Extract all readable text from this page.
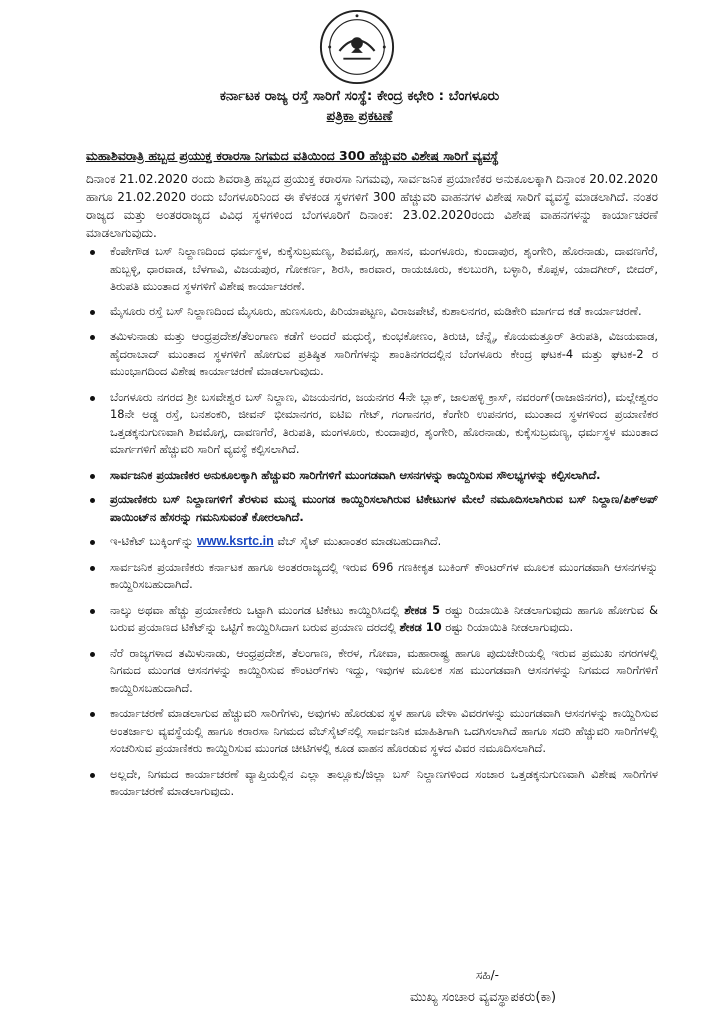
ಕರ್ನಾಟಕ ರಾಜ್ಯ ರಸ್ತೆ ಸಾರಿಗೆ ಸಂಸ್ಥೆ: ಕೇಂದ್ರ ಕಛೇರಿ : ಬೆಂಗಳೂರು
ಪತ್ರಿಕಾ ಪ್ರಕಟಣೆ
ಮಹಾಶಿವರಾತ್ರಿ ಹಬ್ಬದ ಪ್ರಯುಕ್ತ ಕರಾರಸಾ ನಿಗಮದ ವತಿಯಿಂದ 300 ಹೆಚ್ಚುವರಿ ವಿಶೇಷ ಸಾರಿಗೆ ವ್ಯವಸ್ಥೆ
ದಿನಾಂಕ 21.02.2020 ರಂದು ಶಿವರಾತ್ರಿ ಹಬ್ಬದ ಪ್ರಯುಕ್ತ ಕರಾರಸಾ ನಿಗಮವು, ಸಾರ್ವಜನಿಕ ಪ್ರಯಾಣಿಕರ ಅನುಕೂಲಕ್ಕಾಗಿ ದಿನಾಂಕ 20.02.2020 ಹಾಗೂ 21.02.2020 ರಂದು ಬೆಂಗಳೂರಿನಿಂದ ಈ ಕೆಳಕಂಡ ಸ್ಥಳಗಳಿಗೆ 300 ಹೆಚ್ಚುವರಿ ವಾಹನಗಳ ವಿಶೇಷ ಸಾರಿಗೆ ವ್ಯವಸ್ಥೆ ಮಾಡಲಾಗಿದೆ. ನಂತರ ರಾಜ್ಯದ ಮತ್ತು ಅಂತರರಾಜ್ಯದ ವಿವಿಧ ಸ್ಥಳಗಳಿಂದ ಬೆಂಗಳೂರಿಗೆ ದಿನಾಂಕ: 23.02.2020ರಂದು ವಿಶೇಷ ವಾಹನಗಳನ್ನು ಕಾರ್ಯಾಚರಣೆ ಮಾಡಲಾಗುವುದು.
ಕೆಂಪೇಗೌಡ ಬಸ್ ನಿಲ್ದಾಣದಿಂದ ಧರ್ಮಸ್ಥಳ, ಕುಕ್ಕೆಸುಬ್ರಮಣ್ಯ, ಶಿವಮೊಗ್ಗ, ಹಾಸನ, ಮಂಗಳೂರು, ಕುಂದಾಪುರ, ಶೃಂಗೇರಿ, ಹೊರನಾಡು, ದಾವಣಗೆರೆ, ಹುಬ್ಬಳ್ಳಿ, ಧಾರವಾಡ, ಬೆಳಗಾವಿ, ವಿಜಯಪುರ, ಗೋಕರ್ಣ, ಶಿರಸಿ, ಕಾರವಾರ, ರಾಯಚೂರು, ಕಲಬುರಗಿ, ಬಳ್ಳಾರಿ, ಕೊಪ್ಪಳ, ಯಾದಗೀರ್, ಬೀದರ್, ತಿರುಪತಿ ಮುಂತಾದ ಸ್ಥಳಗಳಿಗೆ ವಿಶೇಷ ಕಾರ್ಯಾಚರಣೆ.
ಮೈಸೂರು ರಸ್ತೆ ಬಸ್ ನಿಲ್ದಾಣದಿಂದ ಮೈಸೂರು, ಹುಣಸೂರು, ಪಿರಿಯಾಪಟ್ಟಣ, ವಿರಾಜಪೇಟೆ, ಕುಶಾಲನಗರ, ಮಡಿಕೇರಿ ಮಾರ್ಗದ ಕಡೆ ಕಾರ್ಯಾಚರಣೆ.
ತಮಿಳುನಾಡು ಮತ್ತು ಆಂಧ್ರಪ್ರದೇಶ/ತೆಲಂಗಾಣ ಕಡೆಗೆ ಅಂದರೆ ಮಧುರೈ, ಕುಂಭಕೋಣಂ, ತಿರುಚಿ, ಚೆನ್ನೈ, ಕೊಯಮತ್ತೂರ್ ತಿರುಪತಿ, ವಿಜಯವಾಡ, ಹೈದರಾಬಾದ್ ಮುಂತಾದ ಸ್ಥಳಗಳಿಗೆ ಹೋಗುವ ಪ್ರತಿಷ್ಠಿತ ಸಾರಿಗೆಗಳನ್ನು ಶಾಂತಿನಗರದಲ್ಲಿನ ಬೆಂಗಳೂರು ಕೇಂದ್ರ ಘಟಕ-4 ಮತ್ತು ಘಟಕ-2 ರ ಮುಂಭಾಗದಿಂದ ವಿಶೇಷ ಕಾರ್ಯಾಚರಣೆ ಮಾಡಲಾಗುವುದು.
ಬೆಂಗಳೂರು ನಗರದ ಶ್ರೀ ಬಸವೇಶ್ವರ ಬಸ್ ನಿಲ್ದಾಣ, ವಿಜಯನಗರ, ಜಯನಗರ 4ನೇ ಬ್ಲಾಕ್, ಜಾಲಹಳ್ಳಿ ಕ್ರಾಸ್, ನವರಂಗ್(ರಾಜಾಜಿನಗರ), ಮಲ್ಲೇಶ್ವರಂ 18ನೇ ಅಡ್ಡ ರಸ್ತೆ, ಬನಶಂಕರಿ, ಜೀವನ್ ಭೀಮಾನಗರ, ಐಟಿಐ ಗೇಟ್, ಗಂಗಾನಗರ, ಕೆಂಗೇರಿ ಉಪನಗರ, ಮುಂತಾದ ಸ್ಥಳಗಳಿಂದ ಪ್ರಯಾಣಿಕರ ಒತ್ತಡಕ್ಕನುಗುಣವಾಗಿ ಶಿವಮೊಗ್ಗ, ದಾವಣಗೆರೆ, ತಿರುಪತಿ, ಮಂಗಳೂರು, ಕುಂದಾಪುರ, ಶೃಂಗೇರಿ, ಹೊರನಾಡು, ಕುಕ್ಕೆಸುಬ್ರಮಣ್ಯ, ಧರ್ಮಸ್ಥಳ ಮುಂತಾದ ಮಾರ್ಗಗಳಿಗೆ ಹೆಚ್ಚುವರಿ ಸಾರಿಗೆ ವ್ಯವಸ್ಥೆ ಕಲ್ಪಿಸಲಾಗಿದೆ.
ಸಾರ್ವಜನಿಕ ಪ್ರಯಾಣಿಕರ ಅನುಕೂಲಕ್ಕಾಗಿ ಹೆಚ್ಚುವರಿ ಸಾರಿಗೆಗಳಿಗೆ ಮುಂಗಡವಾಗಿ ಆಸನಗಳನ್ನು ಕಾಯ್ದಿರಿಸುವ ಸೌಲಭ್ಯಗಳನ್ನು ಕಲ್ಪಿಸಲಾಗಿದೆ.
ಪ್ರಯಾಣಿಕರು ಬಸ್ ನಿಲ್ದಾಣಗಳಿಗೆ ತೆರಳುವ ಮುನ್ನ ಮುಂಗಡ ಕಾಯ್ದಿರಿಸಲಾಗಿರುವ ಟಿಕೇಟುಗಳ ಮೇಲೆ ನಮೂದಿಸಲಾಗಿರುವ ಬಸ್ ನಿಲ್ದಾಣ/ಪಿಕ್‌ಅಪ್ ಪಾಯಿಂಟ್‌ನ ಹೆಸರನ್ನು ಗಮನಿಸುವಂತೆ ಕೋರಲಾಗಿದೆ.
ಇ-ಟಿಕೆಟ್ ಬುಕ್ಕಿಂಗ್‌ನ್ನು www.ksrtc.in ವೆಬ್ ಸೈಟ್ ಮುಖಾಂತರ ಮಾಡಬಹುದಾಗಿದೆ.
ಸಾರ್ವಜನಿಕ ಪ್ರಯಾಣಿಕರು ಕರ್ನಾಟಕ ಹಾಗೂ ಅಂತರರಾಜ್ಯದಲ್ಲಿ ಇರುವ 696 ಗಣಕೀಕೃತ ಬುಕಿಂಗ್ ಕೌಂಟರ್‌ಗಳ ಮೂಲಕ ಮುಂಗಡವಾಗಿ ಆಸನಗಳನ್ನು ಕಾಯ್ದಿರಿಸಬಹುದಾಗಿದೆ.
ನಾಲ್ಕು ಅಥವಾ ಹೆಚ್ಚು ಪ್ರಯಾಣಿಕರು ಒಟ್ಟಾಗಿ ಮುಂಗಡ ಟಿಕೇಟು ಕಾಯ್ದಿರಿಸಿದಲ್ಲಿ ಶೇಕಡ 5 ರಷ್ಟು ರಿಯಾಯಿತಿ ನೀಡಲಾಗುವುದು ಹಾಗೂ ಹೋಗುವ & ಬರುವ ಪ್ರಯಾಣದ ಟಿಕೆಟ್‌ನ್ನು ಒಟ್ಟಿಗೆ ಕಾಯ್ದಿರಿಸಿದಾಗ ಬರುವ ಪ್ರಯಾಣ ದರದಲ್ಲಿ ಶೇಕಡ 10 ರಷ್ಟು ರಿಯಾಯಿತಿ ನೀಡಲಾಗುವುದು.
ನೆರೆ ರಾಜ್ಯಗಳಾದ ತಮಿಳುನಾಡು, ಆಂಧ್ರಪ್ರದೇಶ, ತೆಲಂಗಾಣ, ಕೇರಳ, ಗೋವಾ, ಮಹಾರಾಷ್ಟ್ರ ಹಾಗೂ ಪುದುಚೇರಿಯಲ್ಲಿ ಇರುವ ಪ್ರಮುಖ ನಗರಗಳಲ್ಲಿ ನಿಗಮದ ಮುಂಗಡ ಆಸನಗಳನ್ನು ಕಾಯ್ದಿರಿಸುವ ಕೌಂಟರ್‌ಗಳು ಇದ್ದು, ಇವುಗಳ ಮೂಲಕ ಸಹ ಮುಂಗಡವಾಗಿ ಆಸನಗಳನ್ನು ನಿಗಮದ ಸಾರಿಗೆಗಳಿಗೆ ಕಾಯ್ದಿರಿಸಬಹುದಾಗಿದೆ.
ಕಾರ್ಯಾಚರಣೆ ಮಾಡಲಾಗುವ ಹೆಚ್ಚುವರಿ ಸಾರಿಗೆಗಳು, ಅವುಗಳು ಹೊರಡುವ ಸ್ಥಳ ಹಾಗೂ ವೇಳಾ ವಿವರಗಳನ್ನು ಮುಂಗಡವಾಗಿ ಆಸನಗಳನ್ನು ಕಾಯ್ದಿರಿಸುವ ಅಂತರ್ಜಾಲ ವ್ಯವಸ್ಥೆಯಲ್ಲಿ ಹಾಗೂ ಕರಾರಸಾ ನಿಗಮದ ವೆಬ್‌ಸೈಟ್‌ನಲ್ಲಿ ಸಾರ್ವಜನಿಕ ಮಾಹಿತಿಗಾಗಿ ಒದಗಿಸಲಾಗಿದೆ ಹಾಗೂ ಸದರಿ ಹೆಚ್ಚುವರಿ ಸಾರಿಗೆಗಳಲ್ಲಿ ಸಂಚರಿಸುವ ಪ್ರಯಾಣಿಕರು ಕಾಯ್ದಿರಿಸುವ ಮುಂಗಡ ಚೀಟಿಗಳಲ್ಲಿ ಕೂಡ ವಾಹನ ಹೊರಡುವ ಸ್ಥಳದ ವಿವರ ನಮೂದಿಸಲಾಗಿದೆ.
ಅಲ್ಲದೇ, ನಿಗಮದ ಕಾರ್ಯಾಚರಣೆ ವ್ಯಾಪ್ತಿಯಲ್ಲಿನ ಎಲ್ಲಾ ತಾಲ್ಲೂಕು/ಜಿಲ್ಲಾ ಬಸ್ ನಿಲ್ದಾಣಗಳಿಂದ ಸಂಚಾರ ಒತ್ತಡಕ್ಕನುಗುಣವಾಗಿ ವಿಶೇಷ ಸಾರಿಗೆಗಳ ಕಾರ್ಯಾಚರಣೆ ಮಾಡಲಾಗುವುದು.
ಸಹಿ/-
ಮುಖ್ಯ ಸಂಚಾರ ವ್ಯವಸ್ಥಾಪಕರು(ಕಾ)
